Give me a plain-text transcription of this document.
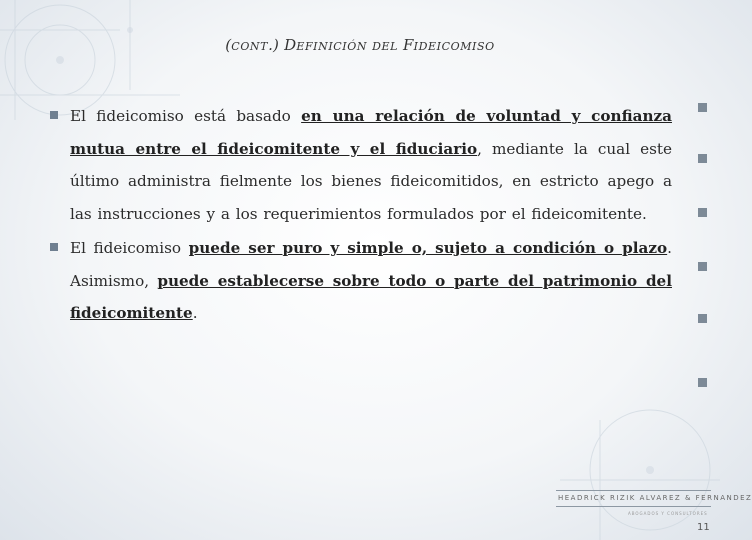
(CONT.) DEFINICIÓN DEL FIDEICOMISO

El fideicomiso está basado en una relación de voluntad y confianza mutua entre el fideicomitente y el fiduciario, mediante la cual este último administra fielmente los bienes fideicomitidos, en estricto apego a las instrucciones y a los requerimientos formulados por el fideicomitente.

El fideicomiso puede ser puro y simple o, sujeto a condición o plazo. Asimismo, puede establecerse sobre todo o parte del patrimonio del fideicomitente.

HEADRICK RIZIK ALVAREZ & FERNANDEZ
ABOGADOS Y CONSULTORES
11
